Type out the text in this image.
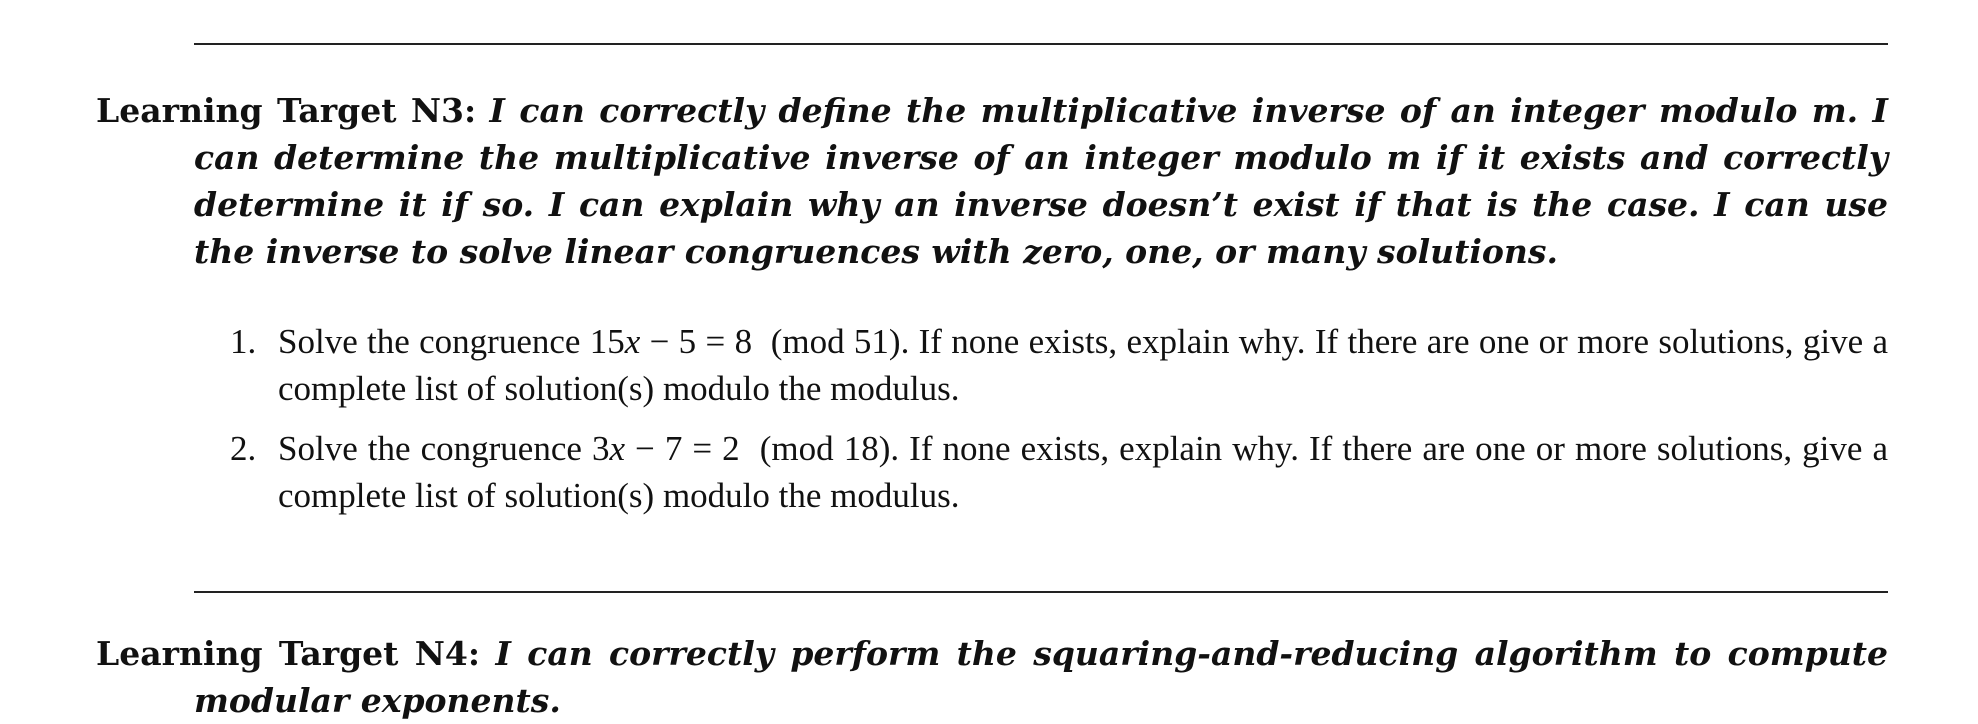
Learning Target N3: I can correctly define the multiplicative inverse of an integer modulo m. I can determine the multiplicative inverse of an integer modulo m if it exists and correctly determine it if so. I can explain why an inverse doesn’t exist if that is the case. I can use the inverse to solve linear congruences with zero, one, or many solutions.

1. Solve the congruence 15x − 5 = 8  (mod 51). If none exists, explain why. If there are one or more solutions, give a complete list of solution(s) modulo the modulus.
2. Solve the congruence 3x − 7 = 2  (mod 18). If none exists, explain why. If there are one or more solutions, give a complete list of solution(s) modulo the modulus.

Learning Target N4: I can correctly perform the squaring-and-reducing algorithm to compute modular exponents.
